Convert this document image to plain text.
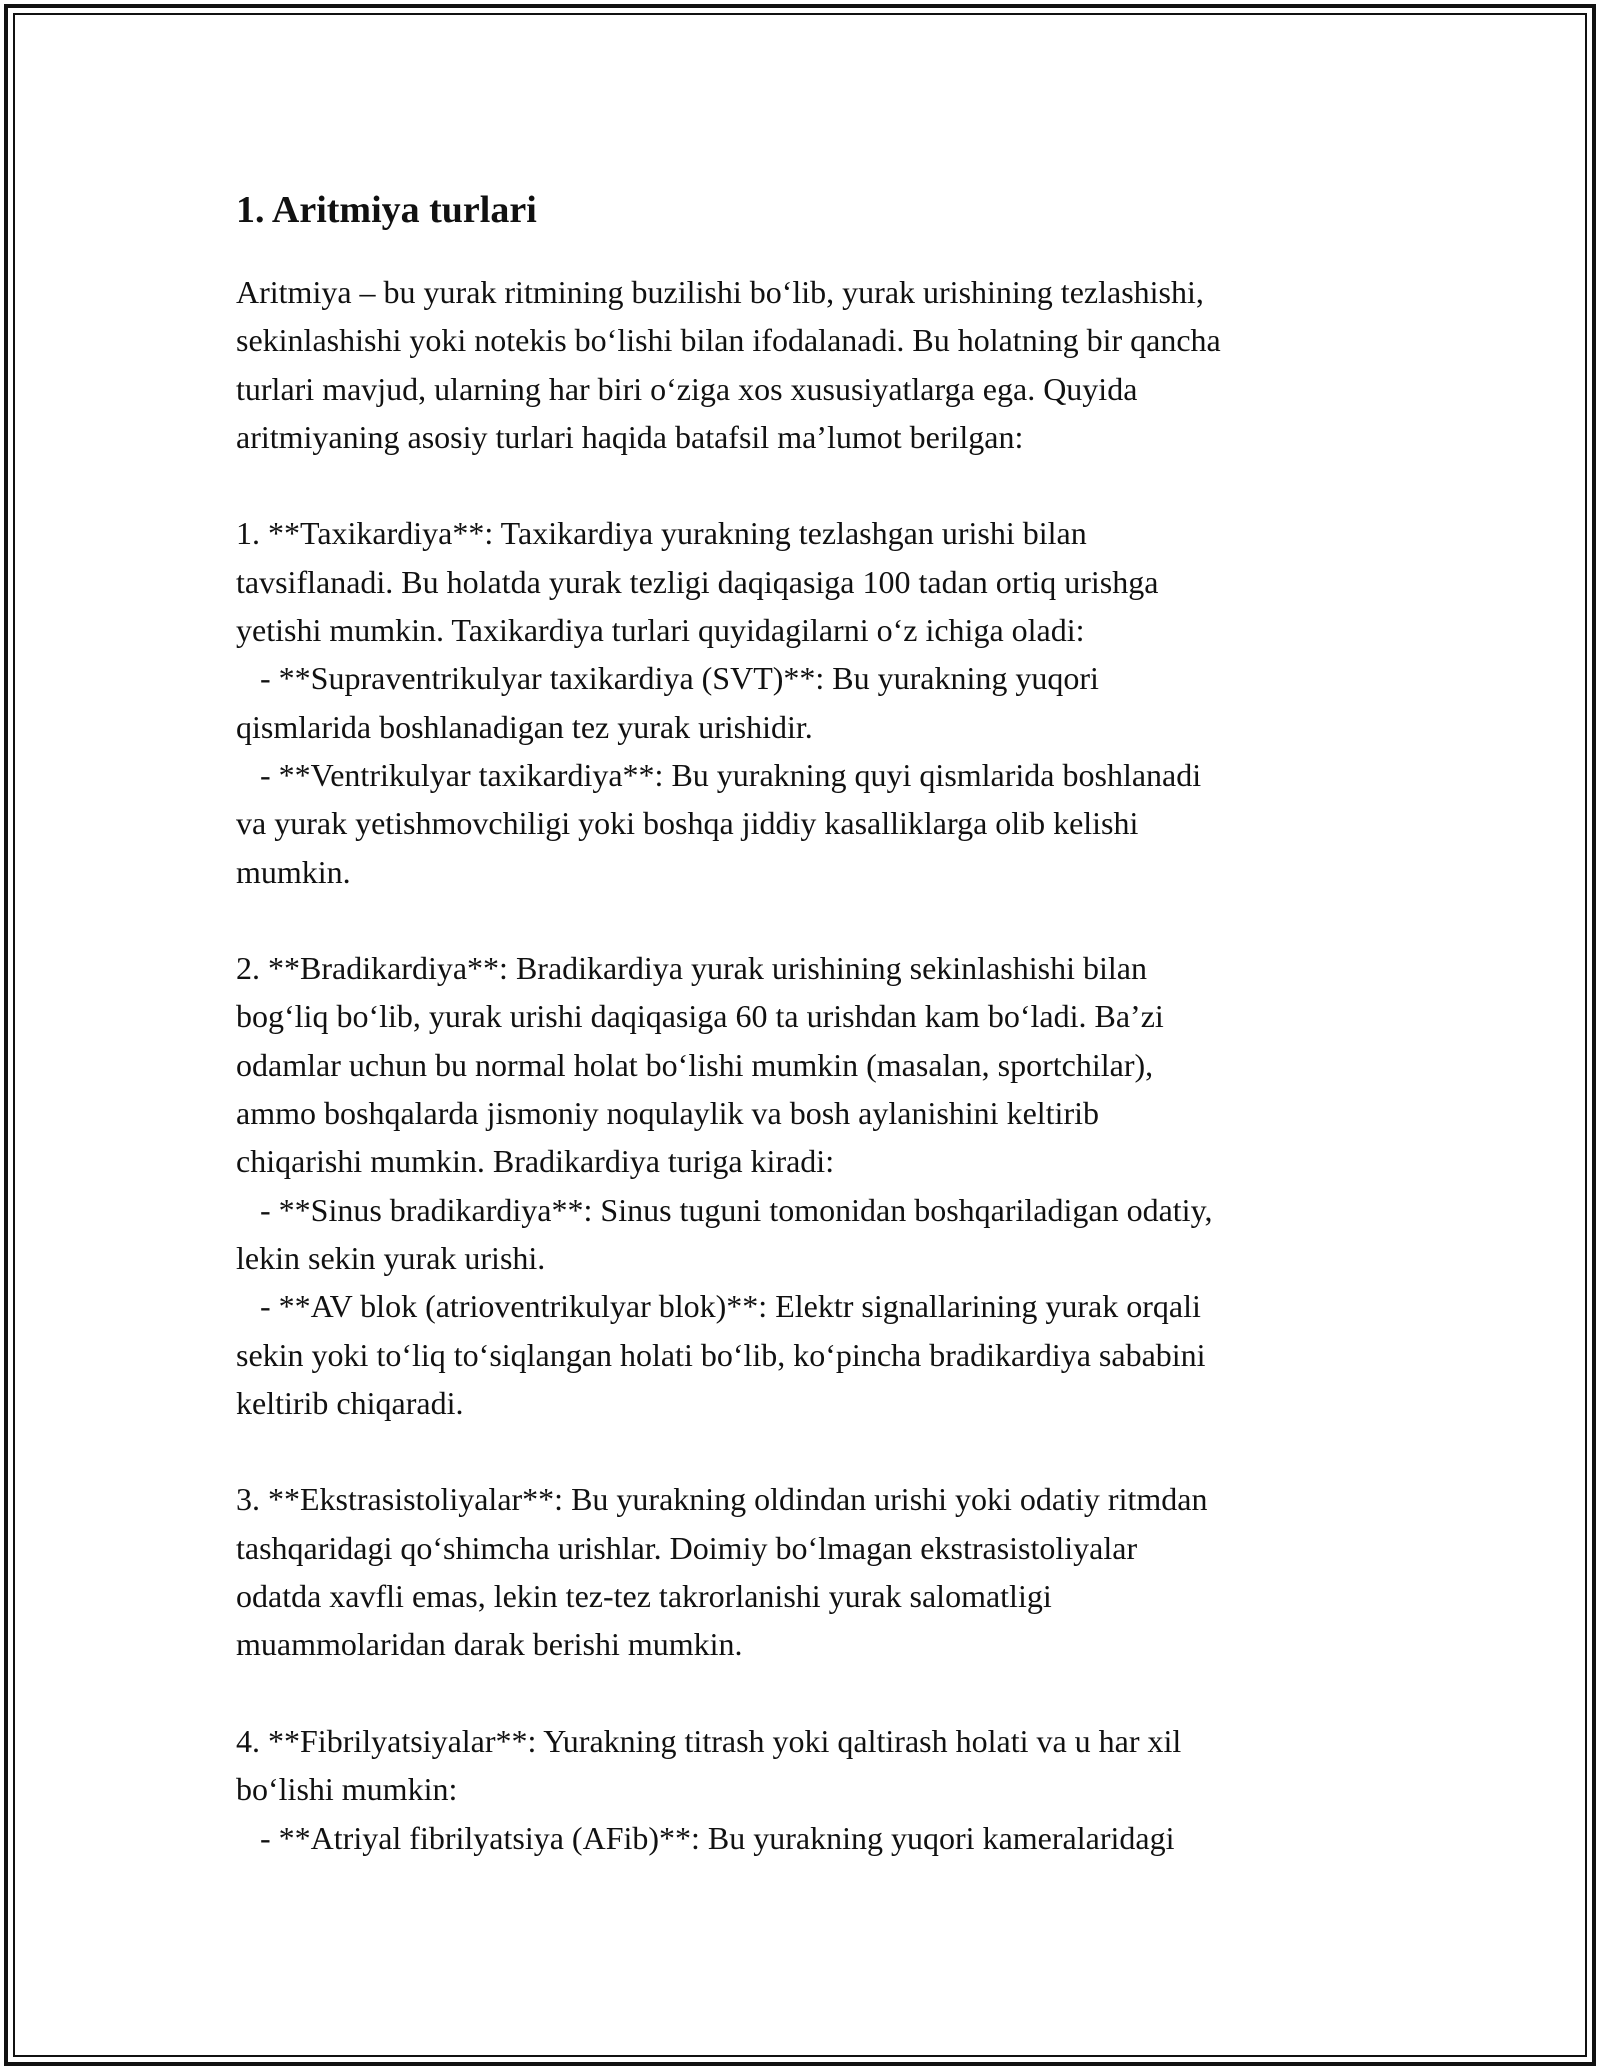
1. Aritmiya turlari

Aritmiya – bu yurak ritmining buzilishi boʻlib, yurak urishining tezlashishi,
sekinlashishi yoki notekis boʻlishi bilan ifodalanadi. Bu holatning bir qancha
turlari mavjud, ularning har biri oʻziga xos xususiyatlarga ega. Quyida
aritmiyaning asosiy turlari haqida batafsil maʼlumot berilgan:

1. **Taxikardiya**: Taxikardiya yurakning tezlashgan urishi bilan
tavsiflanadi. Bu holatda yurak tezligi daqiqasiga 100 tadan ortiq urishga
yetishi mumkin. Taxikardiya turlari quyidagilarni oʻz ichiga oladi:
- **Supraventrikulyar taxikardiya (SVT)**: Bu yurakning yuqori
qismlarida boshlanadigan tez yurak urishidir.
- **Ventrikulyar taxikardiya**: Bu yurakning quyi qismlarida boshlanadi
va yurak yetishmovchiligi yoki boshqa jiddiy kasalliklarga olib kelishi
mumkin.

2. **Bradikardiya**: Bradikardiya yurak urishining sekinlashishi bilan
bogʻliq boʻlib, yurak urishi daqiqasiga 60 ta urishdan kam boʻladi. Baʼzi
odamlar uchun bu normal holat boʻlishi mumkin (masalan, sportchilar),
ammo boshqalarda jismoniy noqulaylik va bosh aylanishini keltirib
chiqarishi mumkin. Bradikardiya turiga kiradi:
- **Sinus bradikardiya**: Sinus tuguni tomonidan boshqariladigan odatiy,
lekin sekin yurak urishi.
- **AV blok (atrioventrikulyar blok)**: Elektr signallarining yurak orqali
sekin yoki toʻliq toʻsiqlangan holati boʻlib, koʻpincha bradikardiya sababini
keltirib chiqaradi.

3. **Ekstrasistoliyalar**: Bu yurakning oldindan urishi yoki odatiy ritmdan
tashqaridagi qoʻshimcha urishlar. Doimiy boʻlmagan ekstrasistoliyalar
odatda xavfli emas, lekin tez-tez takrorlanishi yurak salomatligi
muammolaridan darak berishi mumkin.

4. **Fibrilyatsiyalar**: Yurakning titrash yoki qaltirash holati va u har xil
boʻlishi mumkin:
- **Atriyal fibrilyatsiya (AFib)**: Bu yurakning yuqori kameralaridagi
